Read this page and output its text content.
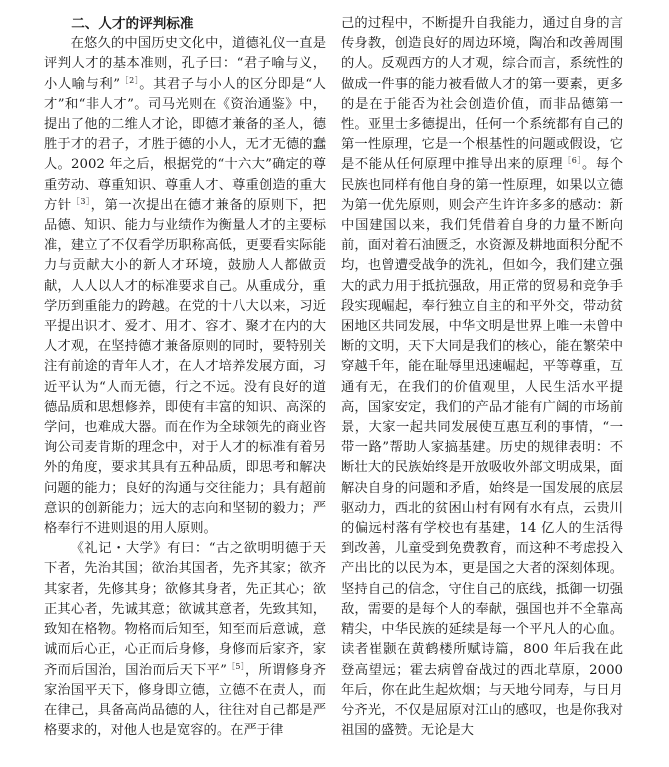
二、人才的评判标准

在悠久的中国历史文化中，道德礼仪一直是评判人才的基本准则，孔子曰：“君子喻与义，小人喻与利”$^{[2]}$。其君子与小人的区分即是“人才”和“非人才”。司马光则在《资治通鉴》中，提出了他的二维人才论，即德才兼备的圣人，德胜于才的君子，才胜于德的小人，无才无德的蠢人。2002 年之后，根据党的“十六大”确定的尊重劳动、尊重知识、尊重人才、尊重创造的重大方针$^{[3]}$，第一次提出在德才兼备的原则下，把品德、知识、能力与业绩作为衡量人才的主要标准，建立了不仅看学历职称高低，更要看实际能力与贡献大小的新人才环境，鼓励人人都做贡献，人人以人才的标准要求自己。从重成分，重学历到重能力的跨越。在党的十八大以来，习近平提出识才、爱才、用才、容才、聚才在内的大人才观，在坚持德才兼备原则的同时，要特别关注有前途的青年人才，在人才培养发展方面，习近平认为“人而无德，行之不远。没有良好的道德品质和思想修养，即使有丰富的知识、高深的学问，也难成大器。而在作为全球领先的商业咨询公司麦肯斯的理念中，对于人才的标准有着另外的角度，要求其具有五种品质，即思考和解决问题的能力；良好的沟通与交往能力；具有超前意识的创新能力；远大的志向和坚韧的毅力；严格奉行不进则退的用人原则。

《礼记・大学》有曰：“古之欲明明德于天下者，先治其国；欲治其国者，先齐其家；欲齐其家者，先修其身；欲修其身者，先正其心；欲正其心者，先诚其意；欲诚其意者，先致其知，致知在格物。物格而后知至，知至而后意诚，意诚而后心正，心正而后身修，身修而后家齐，家齐而后国治，国治而后天下平”$^{[5]}$，所谓修身齐家治国平天下，修身即立德，立德不在责人，而在律己，具备高尚品德的人，往往对自己都是严格要求的，对他人也是宽容的。在严于律

己的过程中，不断提升自我能力，通过自身的言传身教，创造良好的周边环境，陶冶和改善周围的人。反观西方的人才观，综合而言，系统性的做成一件事的能力被看做人才的第一要素，更多的是在于能否为社会创造价值，而非品德第一性。亚里士多德提出，任何一个系统都有自己的第一性原理，它是一个根基性的问题或假设，它是不能从任何原理中推导出来的原理$^{[6]}$。每个民族也同样有他自身的第一性原理，如果以立德为第一优先原则，则会产生许许多多的感动：新中国建国以来，我们凭借着自身的力量不断向前，面对着石油匮乏，水资源及耕地面积分配不均，也曾遭受战争的洗礼，但如今，我们建立强大的武力用于抵抗强敌，用正常的贸易和竞争手段实现崛起，奉行独立自主的和平外交，带动贫困地区共同发展，中华文明是世界上唯一未曾中断的文明，天下大同是我们的核心，能在繁荣中穿越千年，能在耻辱里迅速崛起，平等尊重，互通有无，在我们的价值观里，人民生活水平提高，国家安定，我们的产品才能有广阔的市场前景，大家一起共同发展使互惠互利的事情，“一带一路”帮助人家搞基建。历史的规律表明：不断壮大的民族始终是开放吸收外部文明成果，面解决自身的问题和矛盾，始终是一国发展的底层驱动力，西北的贫困山村有网有水有点，云贵川的偏远村落有学校也有基建，14 亿人的生活得到改善，儿童受到免费教育，而这种不考虑投入产出比的以民为本，更是国之大者的深刻体现。坚持自己的信念，守住自己的底线，抵御一切强敌，需要的是每个人的奉献，强国也并不全靠高精尖，中华民族的延续是每一个平凡人的心血。读者崔颢在黄鹤楼所赋诗篇，800 年后我在此登高望远；霍去病曾奋战过的西北草原，2000 年后，你在此生起炊烟；与天地兮同寿，与日月兮齐光，不仅是屈原对江山的感叹，也是你我对祖国的盛赞。无论是大
